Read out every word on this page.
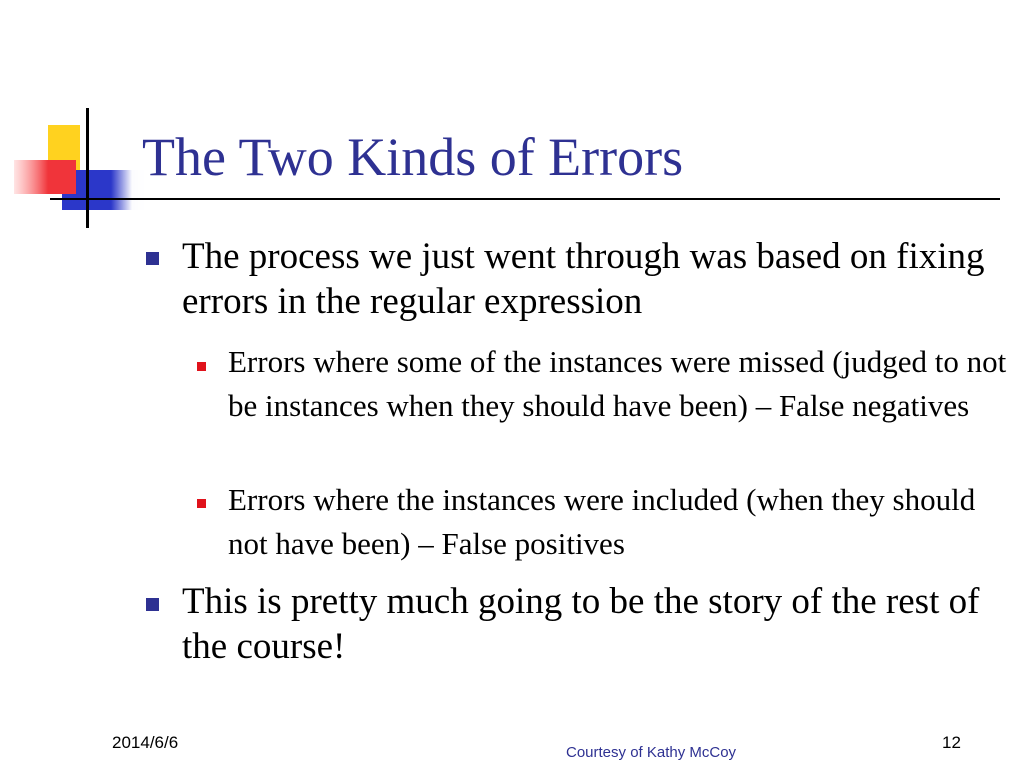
The Two Kinds of Errors
The process we just went through was based on fixing errors in the regular expression
Errors where some of the instances were missed (judged to not be instances when they should have been) – False negatives
Errors where the instances were included (when they should not have been) – False positives
This is pretty much going to be the story of the rest of the course!
2014/6/6
Courtesy of Kathy McCoy
12
